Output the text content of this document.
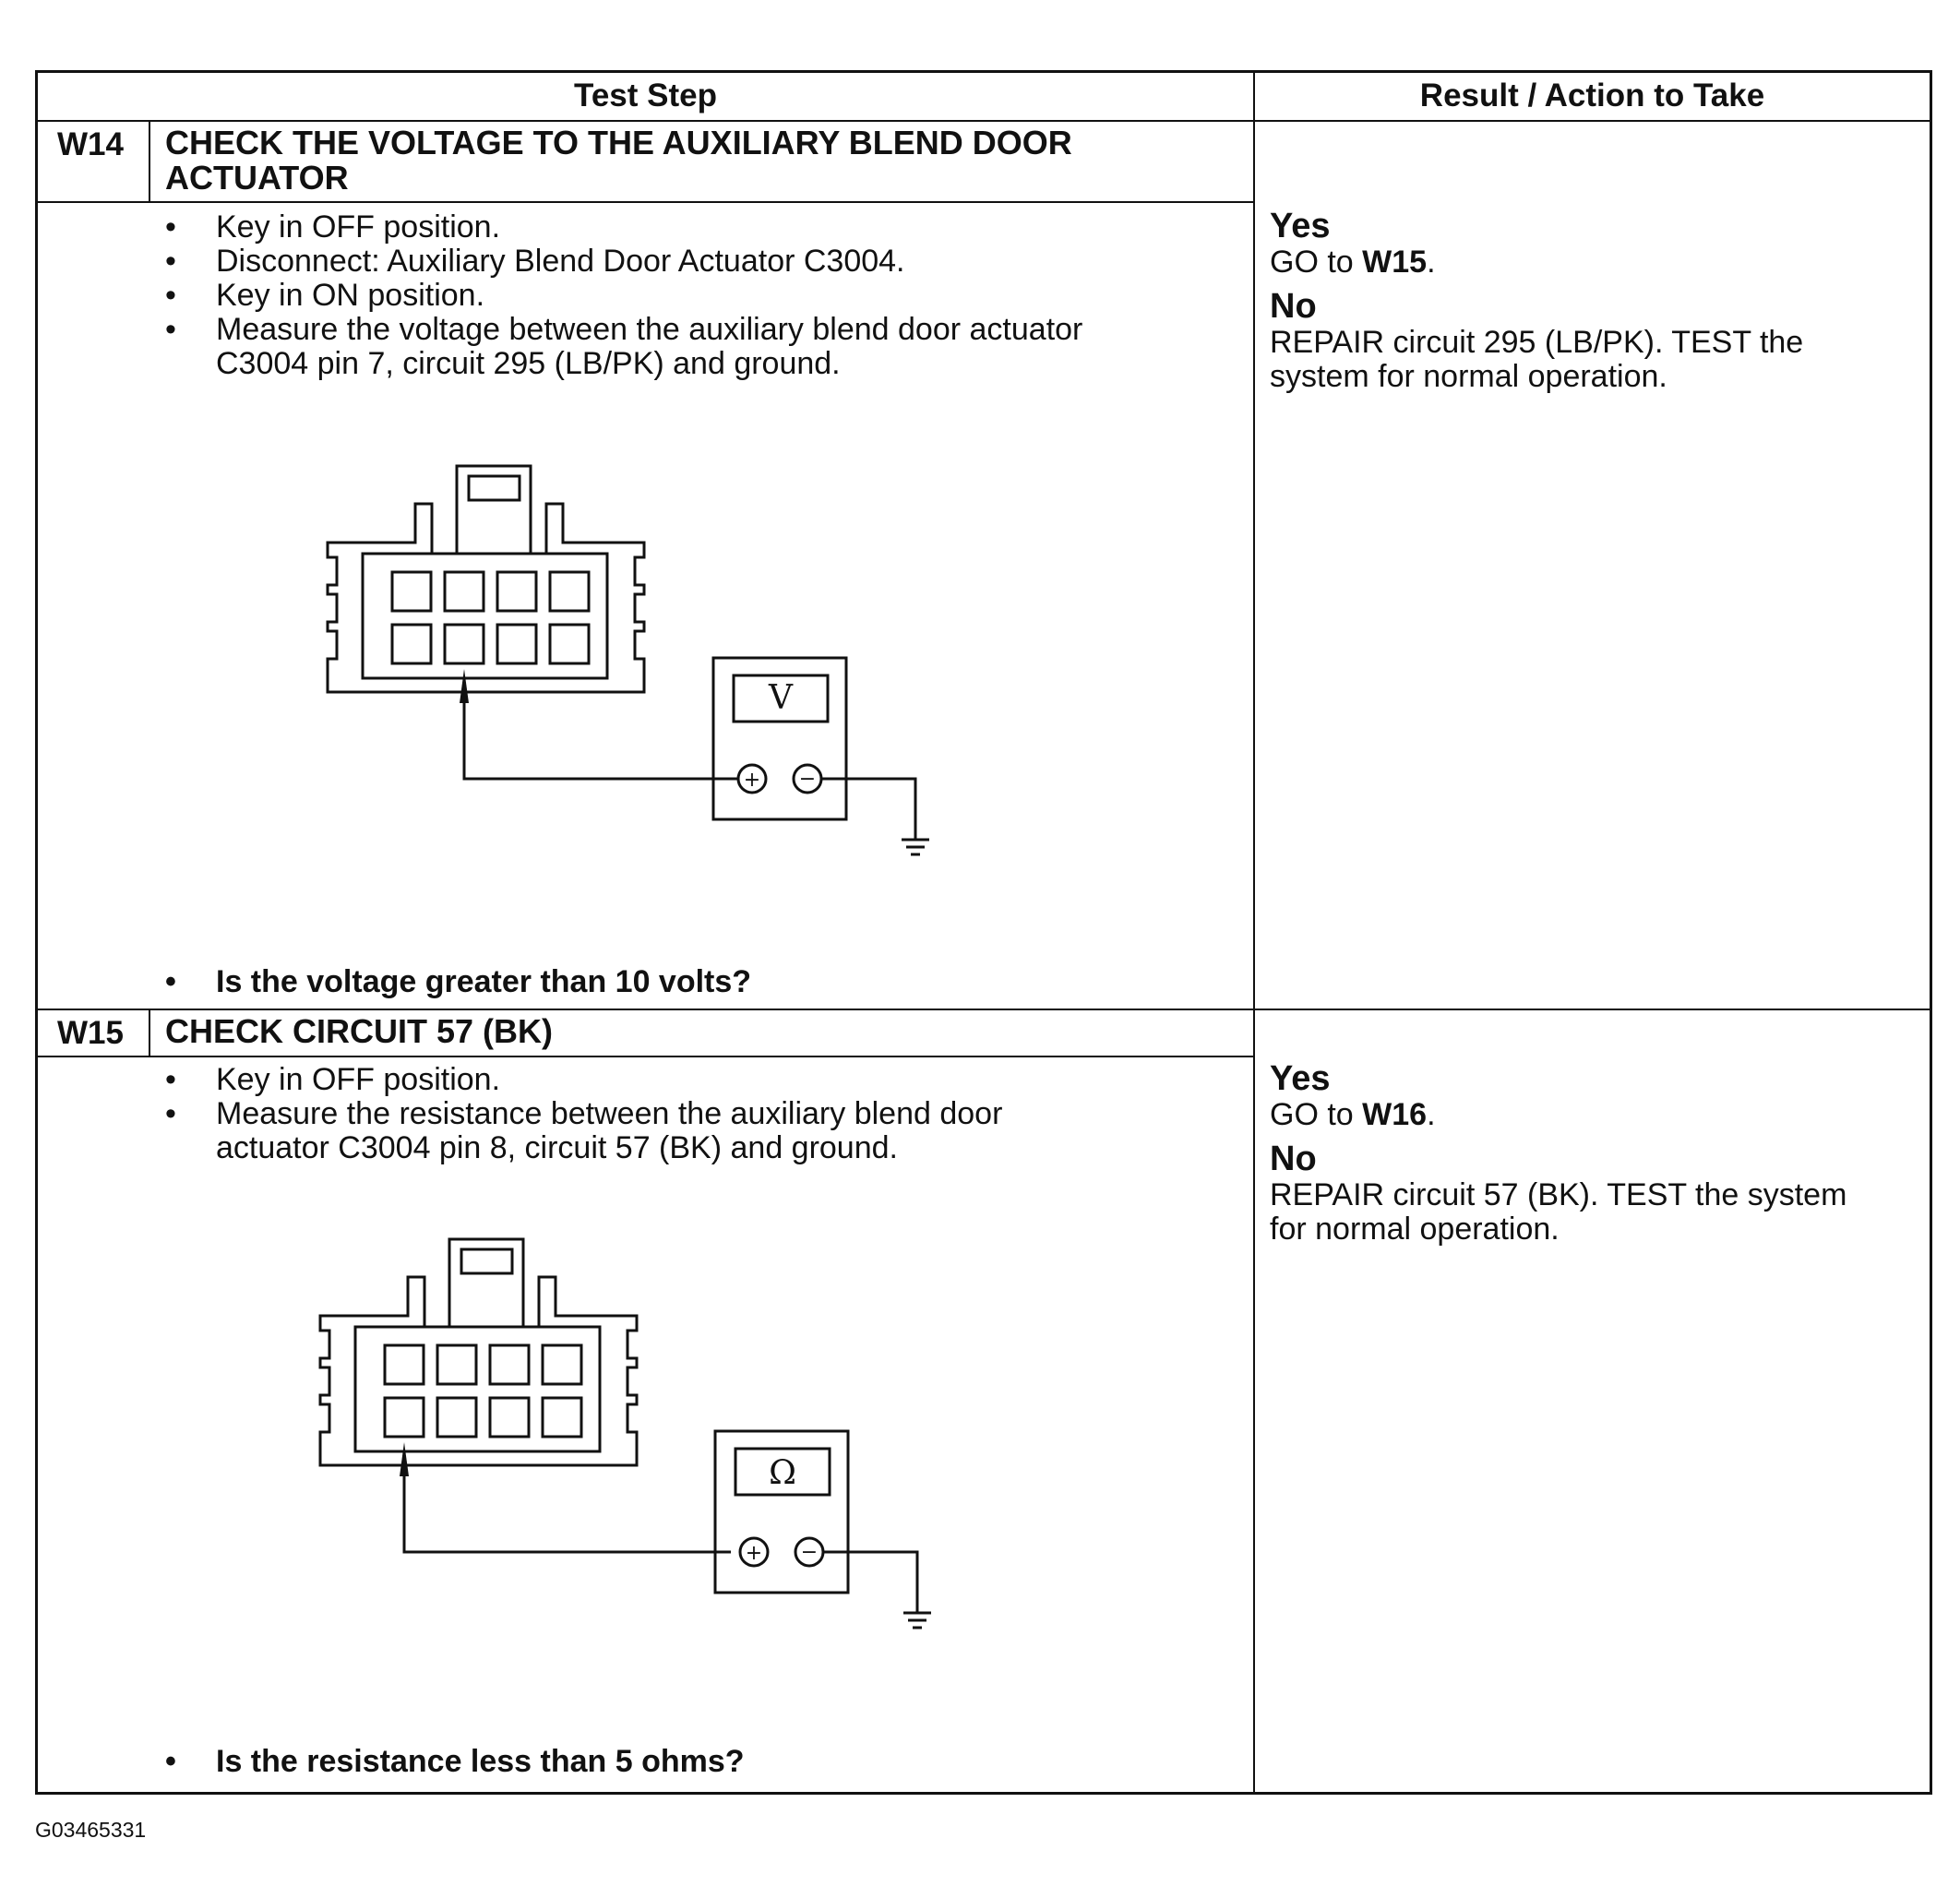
Test Step	Result / Action to Take
W14 CHECK THE VOLTAGE TO THE AUXILIARY BLEND DOOR
ACTUATOR
• Key in OFF position.
• Disconnect: Auxiliary Blend Door Actuator C3004.
• Key in ON position.
• Measure the voltage between the auxiliary blend door actuator
C3004 pin 7, circuit 295 (LB/PK) and ground.
V
+ −
• Is the voltage greater than 10 volts?
Yes

GO to W15.

No

REPAIR circuit 295 (LB/PK). TEST the

system for normal operation.

W15 CHECK CIRCUIT 57 (BK)
• Key in OFF position.
• Measure the resistance between the auxiliary blend door
actuator C3004 pin 8, circuit 57 (BK) and ground.
Ω
+ −
• Is the resistance less than 5 ohms?
Yes

GO to W16.

No

REPAIR circuit 57 (BK). TEST the system

for normal operation.

G03465331
